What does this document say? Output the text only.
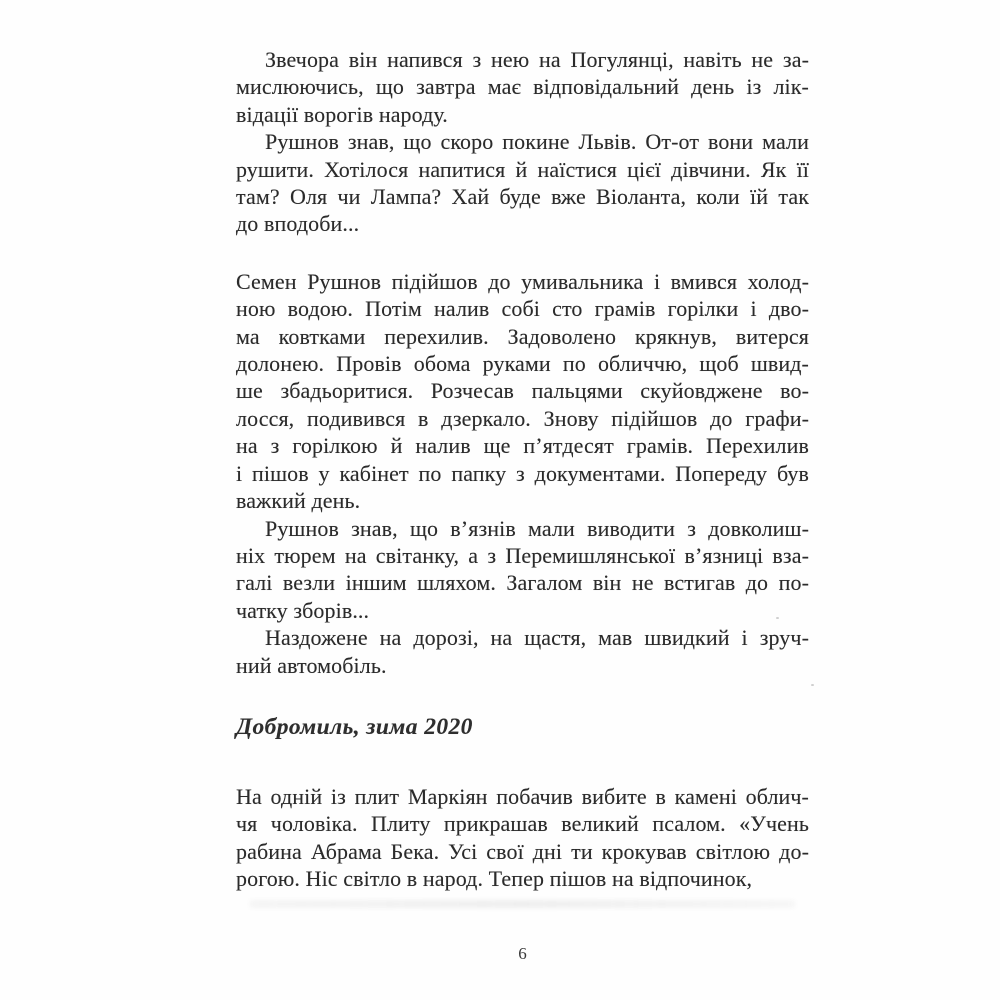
Звечора він напився з нею на Погулянці, навіть не за-
мислюючись, що завтра має відповідальний день із лік-
відації ворогів народу.
Рушнов знав, що скоро покине Львів. От-от вони мали
рушити. Хотілося напитися й наїстися цієї дівчини. Як її
там? Оля чи Лампа? Хай буде вже Віоланта, коли їй так
до вподоби...
Семен Рушнов підійшов до умивальника і вмився холод-
ною водою. Потім налив собі сто грамів горілки і дво-
ма ковтками перехилив. Задоволено крякнув, витерся
долонею. Провів обома руками по обличчю, щоб швид-
ше збадьоритися. Розчесав пальцями скуйовджене во-
лосся, подивився в дзеркало. Знову підійшов до графи-
на з горілкою й налив ще п’ятдесят грамів. Перехилив
і пішов у кабінет по папку з документами. Попереду був
важкий день.
Рушнов знав, що в’язнів мали виводити з довколиш-
ніх тюрем на світанку, а з Перемишлянської в’язниці вза-
галі везли іншим шляхом. Загалом він не встигав до по-
чатку зборів...
Наздожене на дорозі, на щастя, мав швидкий і зруч-
ний автомобіль.
Добромиль, зима 2020
На одній із плит Маркіян побачив вибите в камені облич-
чя чоловіка. Плиту прикрашав великий псалом. «Учень
рабина Абрама Бека. Усі свої дні ти крокував світлою до-
рогою. Ніс світло в народ. Тепер пішов на відпочинок,
6
